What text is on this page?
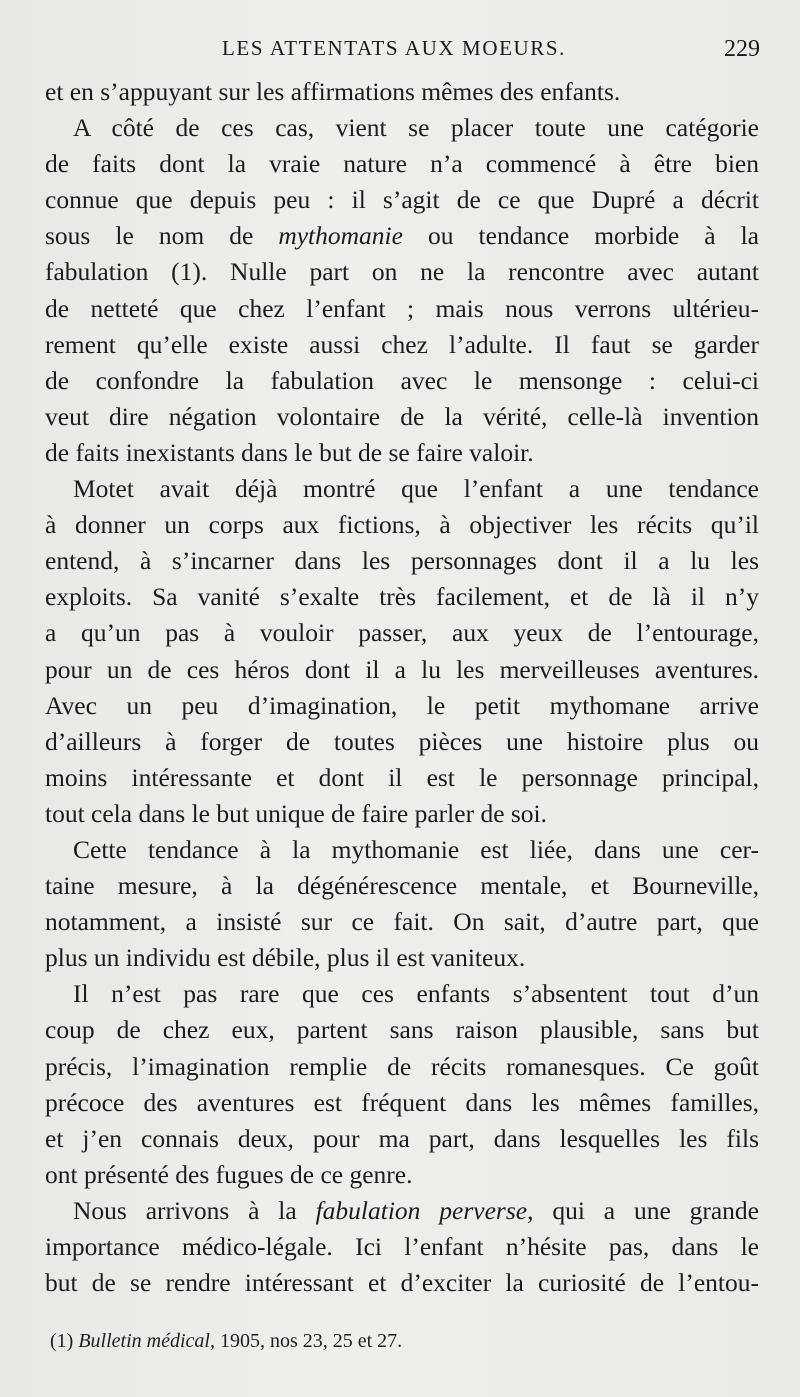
LES ATTENTATS AUX MOEURS.	229
et en s’appuyant sur les affirmations mêmes des enfants.
A côté de ces cas, vient se placer toute une catégorie
de faits dont la vraie nature n’a commencé à être bien
connue que depuis peu : il s’agit de ce que Dupré a décrit
sous le nom de mythomanie ou tendance morbide à la
fabulation (1). Nulle part on ne la rencontre avec autant
de netteté que chez l’enfant ; mais nous verrons ultérieu-
rement qu’elle existe aussi chez l’adulte. Il faut se garder
de confondre la fabulation avec le mensonge : celui-ci
veut dire négation volontaire de la vérité, celle-là invention
de faits inexistants dans le but de se faire valoir.
Motet avait déjà montré que l’enfant a une tendance
à donner un corps aux fictions, à objectiver les récits qu’il
entend, à s’incarner dans les personnages dont il a lu les
exploits. Sa vanité s’exalte très facilement, et de là il n’y
a qu’un pas à vouloir passer, aux yeux de l’entourage,
pour un de ces héros dont il a lu les merveilleuses aventures.
Avec un peu d’imagination, le petit mythomane arrive
d’ailleurs à forger de toutes pièces une histoire plus ou
moins intéressante et dont il est le personnage principal,
tout cela dans le but unique de faire parler de soi.
Cette tendance à la mythomanie est liée, dans une cer-
taine mesure, à la dégénérescence mentale, et Bourneville,
notamment, a insisté sur ce fait. On sait, d’autre part, que
plus un individu est débile, plus il est vaniteux.
Il n’est pas rare que ces enfants s’absentent tout d’un
coup de chez eux, partent sans raison plausible, sans but
précis, l’imagination remplie de récits romanesques. Ce goût
précoce des aventures est fréquent dans les mêmes familles,
et j’en connais deux, pour ma part, dans lesquelles les fils
ont présenté des fugues de ce genre.
Nous arrivons à la fabulation perverse, qui a une grande
importance médico-légale. Ici l’enfant n’hésite pas, dans le
but de se rendre intéressant et d’exciter la curiosité de l’entou-
(1) Bulletin médical, 1905, nos 23, 25 et 27.
